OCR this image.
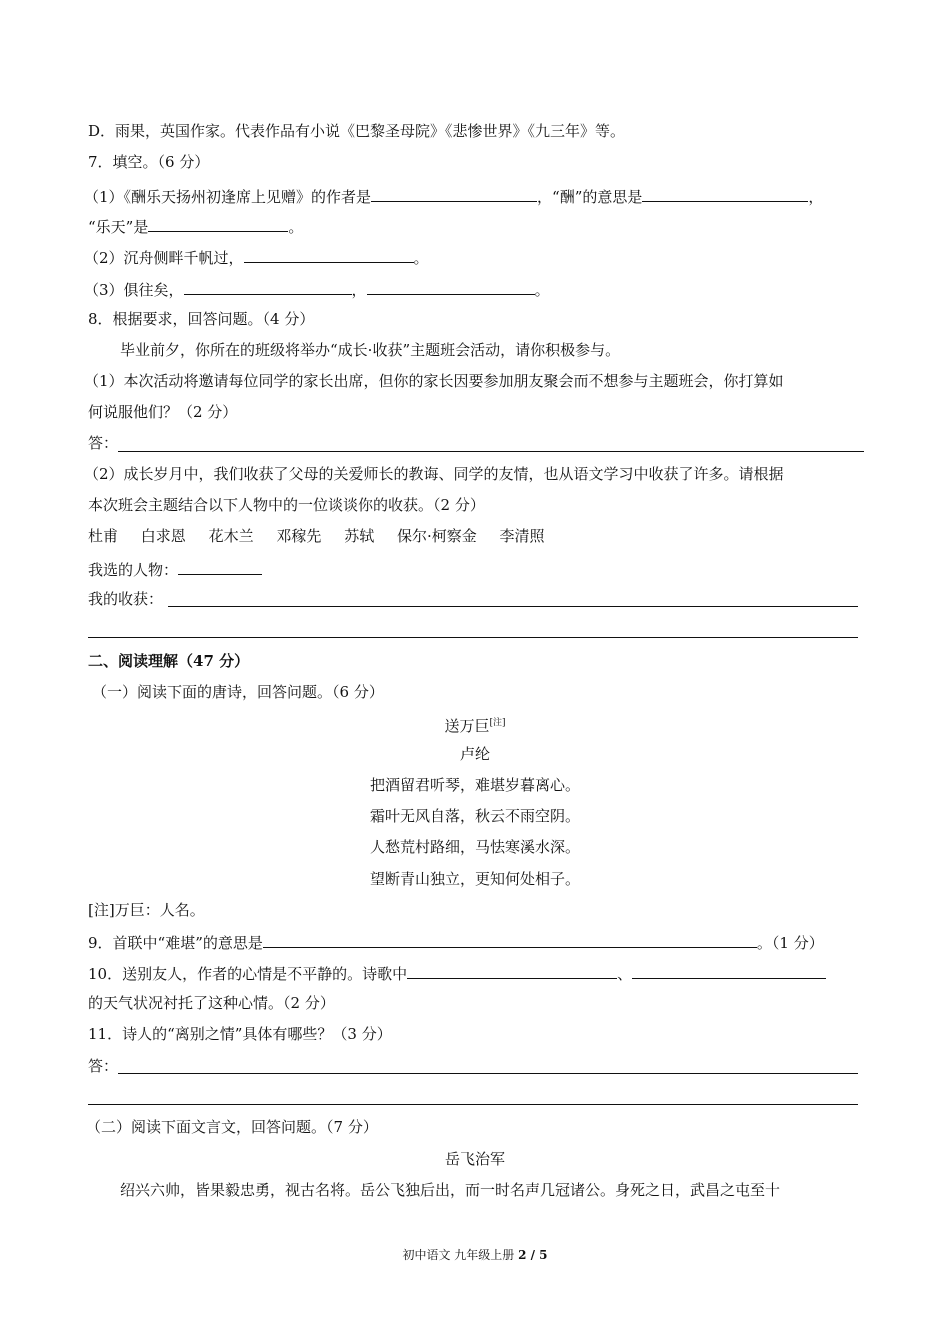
D．雨果，英国作家。代表作品有小说《巴黎圣母院》《悲惨世界》《九三年》等。
7．填空。（6 分）
（1）《酬乐天扬州初逢席上见赠》的作者是	，“酬”的意思是	，
“乐天”是	。
（2）沉舟侧畔千帆过，	。
（3）俱往矣，	，	。
8．根据要求，回答问题。（4 分）
毕业前夕，你所在的班级将举办“成长·收获”主题班会活动，请你积极参与。
（1）本次活动将邀请每位同学的家长出席，但你的家长因要参加朋友聚会而不想参与主题班会，你打算如
何说服他们？（2 分）
答：
（2）成长岁月中，我们收获了父母的关爱师长的教诲、同学的友情，也从语文学习中收获了许多。请根据
本次班会主题结合以下人物中的一位谈谈你的收获。（2 分）
杜甫 白求恩 花木兰 邓稼先 苏轼 保尔·柯察金 李清照
我选的人物：
我的收获：
二、阅读理解（47 分）
（一）阅读下面的唐诗，回答问题。（6 分）
送万巨[注]
卢纶
把酒留君听琴，难堪岁暮离心。
霜叶无风自落，秋云不雨空阴。
人愁荒村路细，马怯寒溪水深。
望断青山独立，更知何处相子。
[注]万巨：人名。
9．首联中“难堪”的意思是	。（1 分）
10．送别友人，作者的心情是不平静的。诗歌中	、
的天气状况衬托了这种心情。（2 分）
11．诗人的“离别之情”具体有哪些？（3 分）
答：
（二）阅读下面文言文，回答问题。（7 分）
岳飞治军
绍兴六帅，皆果毅忠勇，视古名将。岳公飞独后出，而一时名声几冠诸公。身死之日，武昌之屯至十
初中语文 九年级上册 2 / 5
